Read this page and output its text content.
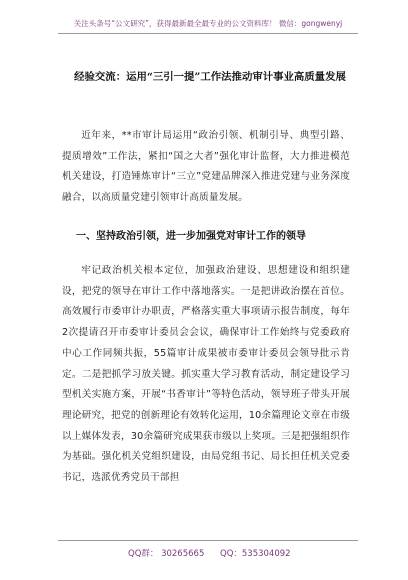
关注头条号“公文研究”，获得最新最全最专业的公文资料库！ 微信：gongwenyj
经验交流：运用“三引一提”工作法推动审计事业高质量发展
近年来，**市审计局运用“政治引领、机制引导、典型引路、提质增效”工作法，紧扣“国之大者”强化审计监督，大力推进模范机关建设，打造锤炼审计“三立”党建品牌深入推进党建与业务深度融合，以高质量党建引领审计高质量发展。
一、坚持政治引领，进一步加强党对审计工作的领导
牢记政治机关根本定位，加强政治建设、思想建设和组织建设，把党的领导在审计工作中落地落实。一是把讲政治摆在首位。高效履行市委审计办职责，严格落实重大事项请示报告制度，每年2次提请召开市委审计委员会会议，确保审计工作始终与党委政府中心工作同频共振，55篇审计成果被市委审计委员会领导批示肯定。二是把抓学习放关键。抓实重大学习教育活动，制定建设学习型机关实施方案，开展“书香审计”等特色活动，领导班子带头开展理论研究，把党的创新理论有效转化运用，10余篇理论文章在市级以上媒体发表，30余篇研究成果获市级以上奖项。三是把强组织作为基础。强化机关党组织建设，由局党组书记、局长担任机关党委书记，选派优秀党员干部担
QQ群： 30265665 QQ：535304092
